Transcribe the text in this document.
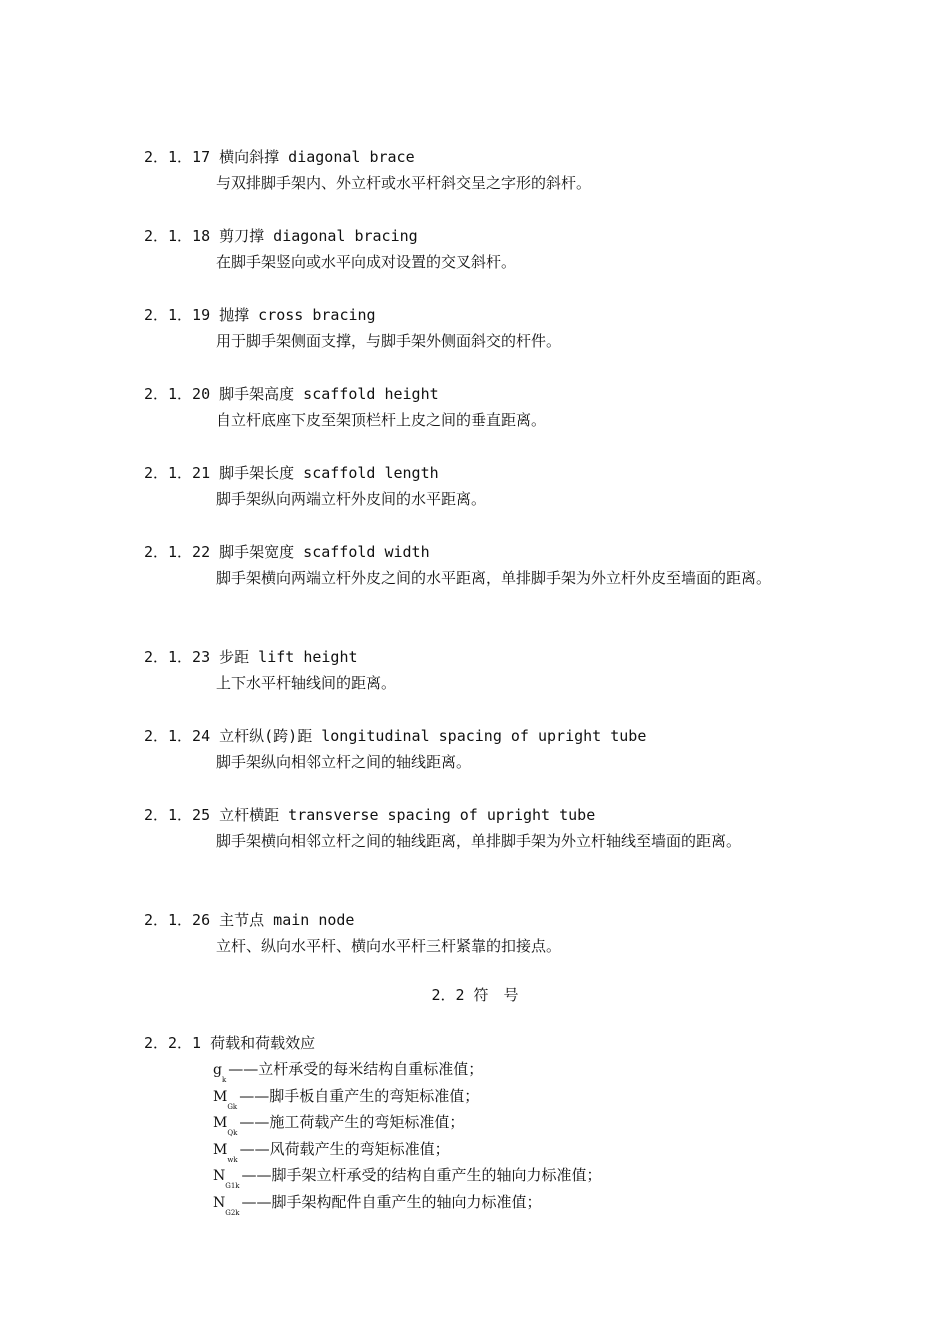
2．1．17 横向斜撑 diagonal brace
与双排脚手架内、外立杆或水平杆斜交呈之字形的斜杆。
2．1．18 剪刀撑 diagonal bracing
在脚手架竖向或水平向成对设置的交叉斜杆。
2．1．19 抛撑 cross bracing
用于脚手架侧面支撑，与脚手架外侧面斜交的杆件。
2．1．20 脚手架高度 scaffold height
自立杆底座下皮至架顶栏杆上皮之间的垂直距离。
2．1．21 脚手架长度 scaffold length
脚手架纵向两端立杆外皮间的水平距离。
2．1．22 脚手架宽度 scaffold width
脚手架横向两端立杆外皮之间的水平距离，单排脚手架为外立杆外皮至墙面的距离。
2．1．23 步距 lift height
上下水平杆轴线间的距离。
2．1．24 立杆纵(跨)距 longitudinal spacing of upright tube
脚手架纵向相邻立杆之间的轴线距离。
2．1．25 立杆横距 transverse spacing of upright tube
脚手架横向相邻立杆之间的轴线距离，单排脚手架为外立杆轴线至墙面的距离。
2．1．26 主节点 main node
立杆、纵向水平杆、横向水平杆三杆紧靠的扣接点。
2．2 符　号
2．2．1 荷载和荷载效应
$g_k——$立杆承受的每米结构自重标准值；
$M_{Gk}——$脚手板自重产生的弯矩标准值；
$M_{Qk}——$施工荷载产生的弯矩标准值；
$M_{wk}——$风荷载产生的弯矩标准值；
$N_{G1k}——$脚手架立杆承受的结构自重产生的轴向力标准值；
$N_{G2k}——$脚手架构配件自重产生的轴向力标准值；
